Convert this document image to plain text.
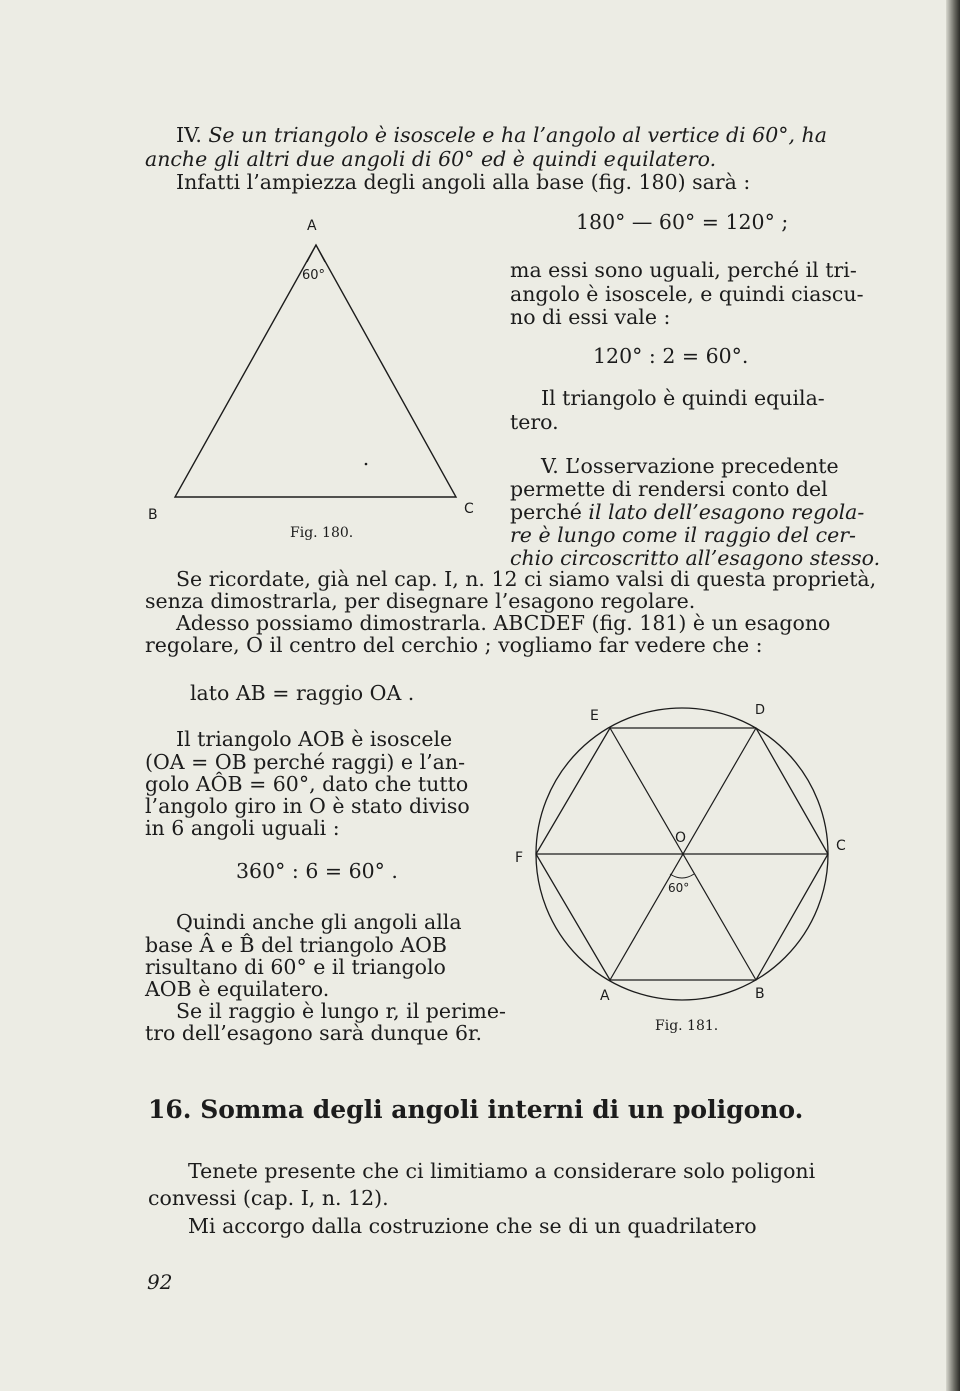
IV. Se un triangolo è isoscele e ha l’angolo al vertice di 60°, ha
anche gli altri due angoli di 60° ed è quindi equilatero.
Infatti l’ampiezza degli angoli alla base (fig. 180) sarà :
180° — 60° = 120° ;
ma essi sono uguali, perché il tri-
angolo è isoscele, e quindi ciascu-
no di essi vale :
120° : 2 = 60°.
Il triangolo è quindi equila-
tero.
A
60°
B	C
Fig. 180.
V. L’osservazione precedente
permette di rendersi conto del
perché il lato dell’esagono regola-
re è lungo come il raggio del cer-
chio circoscritto all’esagono stesso.
Se ricordate, già nel cap. I, n. 12 ci siamo valsi di questa proprietà,
senza dimostrarla, per disegnare l’esagono regolare.
Adesso possiamo dimostrarla. ABCDEF (fig. 181) è un esagono
regolare, O il centro del cerchio ; vogliamo far vedere che :
lato AB = raggio OA .
Il triangolo AOB è isoscele
(OA = OB perché raggi) e l’an-
golo AÔB = 60°, dato che tutto
l’angolo giro in O è stato diviso
in 6 angoli uguali :
360° : 6 = 60° .
Quindi anche gli angoli alla
base Â e B̂ del triangolo AOB
risultano di 60° e il triangolo
AOB è equilatero.
Se il raggio è lungo r, il perime-
tro dell’esagono sarà dunque 6r.
E	D
F
C
O
60°
A	B
Fig. 181.
16. Somma degli angoli interni di un poligono.
Tenete presente che ci limitiamo a considerare solo poligoni
convessi (cap. I, n. 12).
Mi accorgo dalla costruzione che se di un quadrilatero
92
